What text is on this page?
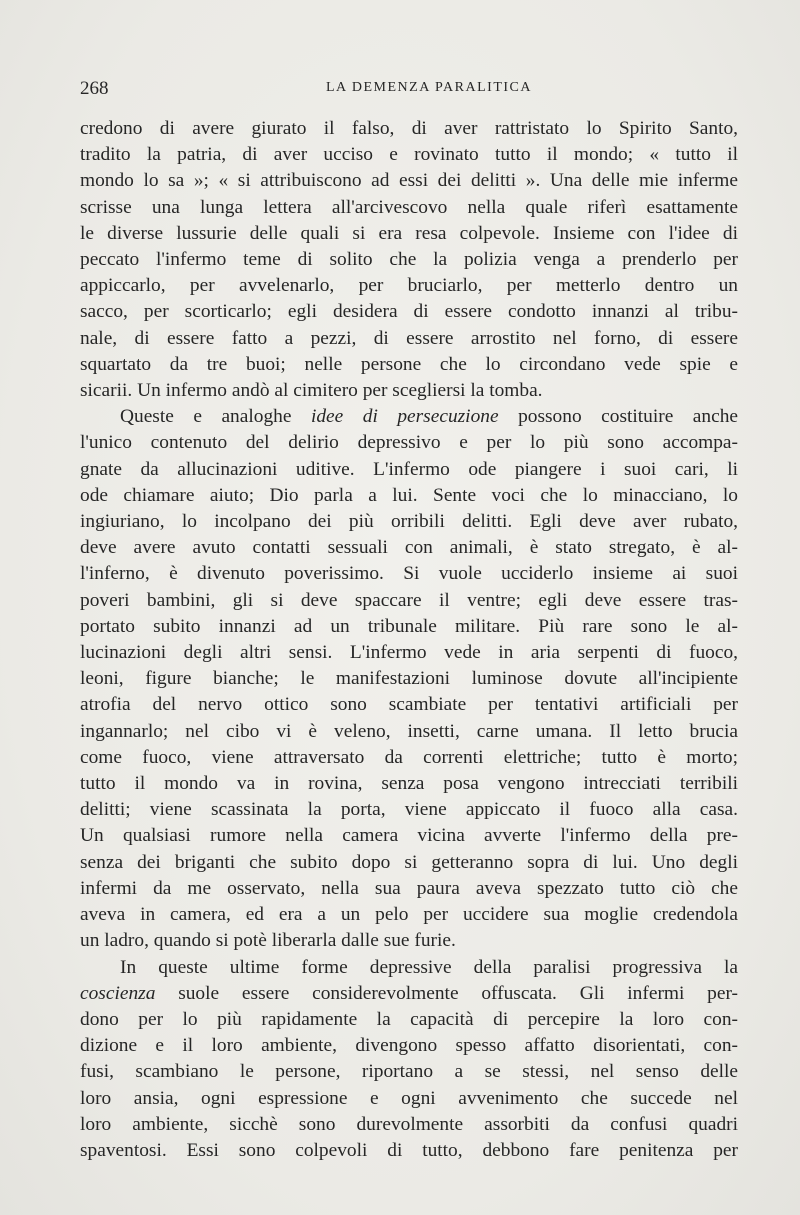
268	LA DEMENZA PARALITICA

credono di avere giurato il falso, di aver rattristato lo Spirito Santo,
tradito la patria, di aver ucciso e rovinato tutto il mondo; « tutto il
mondo lo sa »; « si attribuiscono ad essi dei delitti ». Una delle mie inferme
scrisse una lunga lettera all'arcivescovo nella quale riferì esattamente
le diverse lussurie delle quali si era resa colpevole. Insieme con l'idee di
peccato l'infermo teme di solito che la polizia venga a prenderlo per
appiccarlo, per avvelenarlo, per bruciarlo, per metterlo dentro un
sacco, per scorticarlo; egli desidera di essere condotto innanzi al tribu-
nale, di essere fatto a pezzi, di essere arrostito nel forno, di essere
squartato da tre buoi; nelle persone che lo circondano vede spie e
sicarii. Un infermo andò al cimitero per scegliersi la tomba.

Queste e analoghe idee di persecuzione possono costituire anche
l'unico contenuto del delirio depressivo e per lo più sono accompa-
gnate da allucinazioni uditive. L'infermo ode piangere i suoi cari, li
ode chiamare aiuto; Dio parla a lui. Sente voci che lo minacciano, lo
ingiuriano, lo incolpano dei più orribili delitti. Egli deve aver rubato,
deve avere avuto contatti sessuali con animali, è stato stregato, è al-
l'inferno, è divenuto poverissimo. Si vuole ucciderlo insieme ai suoi
poveri bambini, gli si deve spaccare il ventre; egli deve essere tras-
portato subito innanzi ad un tribunale militare. Più rare sono le al-
lucinazioni degli altri sensi. L'infermo vede in aria serpenti di fuoco,
leoni, figure bianche; le manifestazioni luminose dovute all'incipiente
atrofia del nervo ottico sono scambiate per tentativi artificiali per
ingannarlo; nel cibo vi è veleno, insetti, carne umana. Il letto brucia
come fuoco, viene attraversato da correnti elettriche; tutto è morto;
tutto il mondo va in rovina, senza posa vengono intrecciati terribili
delitti; viene scassinata la porta, viene appiccato il fuoco alla casa.
Un qualsiasi rumore nella camera vicina avverte l'infermo della pre-
senza dei briganti che subito dopo si getteranno sopra di lui. Uno degli
infermi da me osservato, nella sua paura aveva spezzato tutto ciò che
aveva in camera, ed era a un pelo per uccidere sua moglie credendola
un ladro, quando si potè liberarla dalle sue furie.

In queste ultime forme depressive della paralisi progressiva la
coscienza suole essere considerevolmente offuscata. Gli infermi per-
dono per lo più rapidamente la capacità di percepire la loro con-
dizione e il loro ambiente, divengono spesso affatto disorientati, con-
fusi, scambiano le persone, riportano a se stessi, nel senso delle
loro ansia, ogni espressione e ogni avvenimento che succede nel
loro ambiente, sicchè sono durevolmente assorbiti da confusi quadri
spaventosi. Essi sono colpevoli di tutto, debbono fare penitenza per
